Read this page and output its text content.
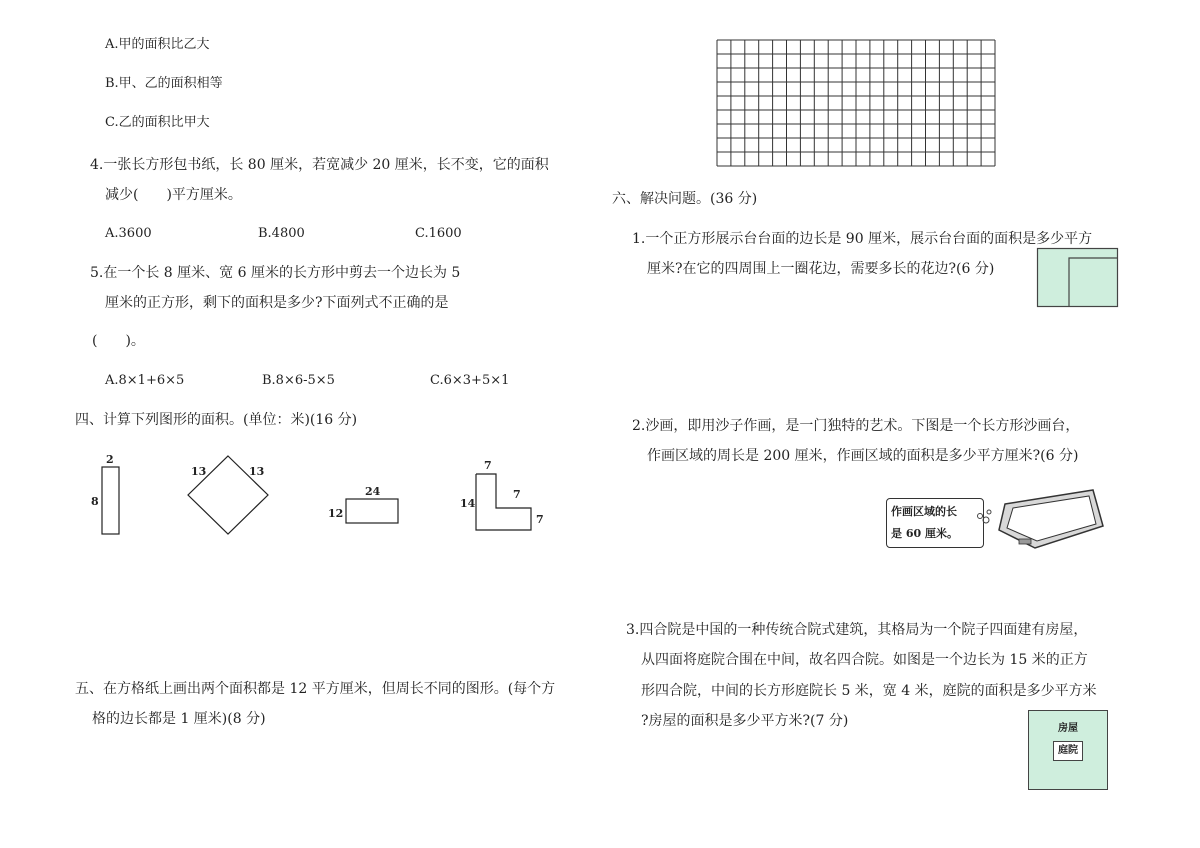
A.甲的面积比乙大
B.甲、乙的面积相等
C.乙的面积比甲大
4.一张长方形包书纸，长 80 厘米，若宽减少 20 厘米，长不变，它的面积
减少(　　)平方厘米。
A.3600	B.4800	C.1600
5.在一个长 8 厘米、宽 6 厘米的长方形中剪去一个边长为 5
厘米的正方形，剩下的面积是多少?下面列式不正确的是
(　　)。
A.8×1+6×5	B.8×6-5×5	C.6×3+5×1
四、计算下列图形的面积。(单位：米)(16 分)
2
8
13	13
24
12
7
7
14
7
五、在方格纸上画出两个面积都是 12 平方厘米，但周长不同的图形。(每个方
格的边长都是 1 厘米)(8 分)
六、解决问题。(36 分)
1.一个正方形展示台台面的边长是 90 厘米，展示台台面的面积是多少平方
厘米?在它的四周围上一圈花边，需要多长的花边?(6 分)
2.沙画，即用沙子作画，是一门独特的艺术。下图是一个长方形沙画台，
作画区域的周长是 200 厘米，作画区域的面积是多少平方厘米?(6 分)
作画区域的长
是 60 厘米。
3.四合院是中国的一种传统合院式建筑，其格局为一个院子四面建有房屋，
从四面将庭院合围在中间，故名四合院。如图是一个边长为 15 米的正方
形四合院，中间的长方形庭院长 5 米，宽 4 米，庭院的面积是多少平方米
?房屋的面积是多少平方米?(7 分)	房屋
庭院
